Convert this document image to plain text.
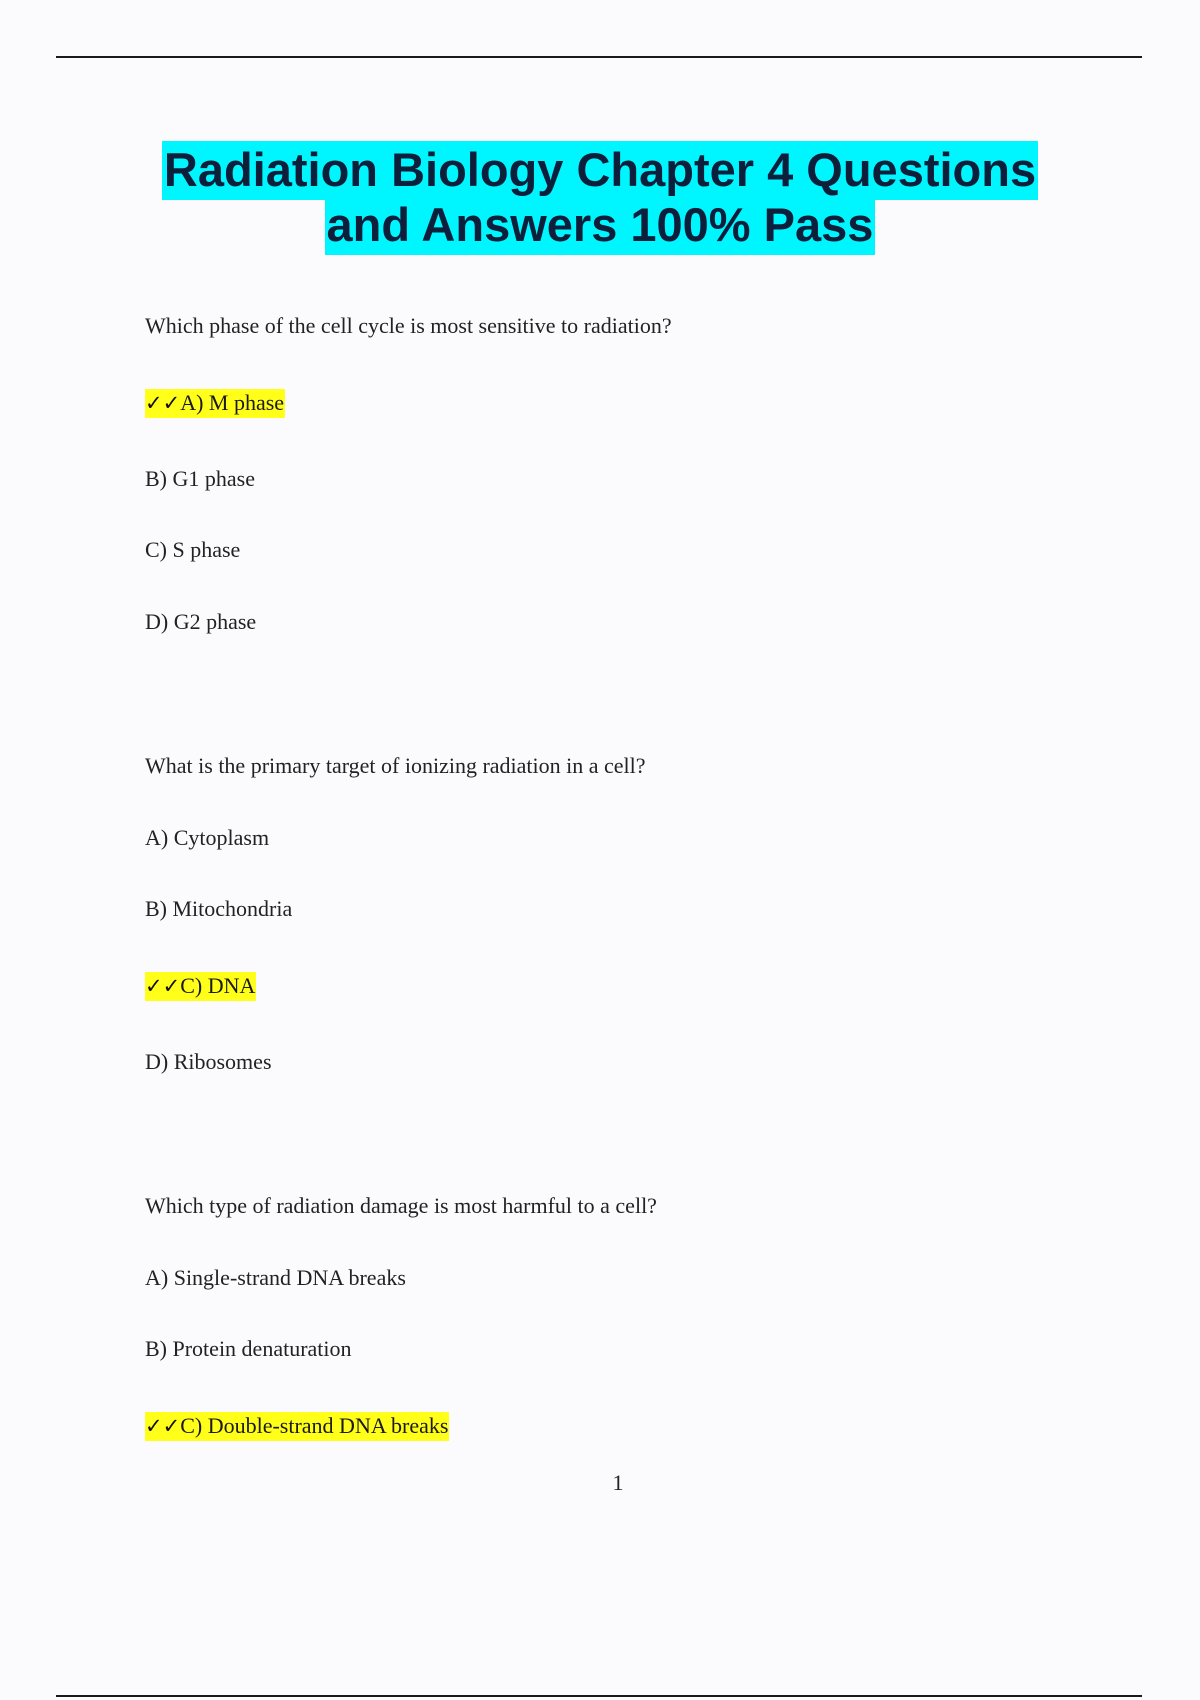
Radiation Biology Chapter 4 Questions
and Answers 100% Pass
Which phase of the cell cycle is most sensitive to radiation?
✓✓A) M phase
B) G1 phase
C) S phase
D) G2 phase
What is the primary target of ionizing radiation in a cell?
A) Cytoplasm
B) Mitochondria
✓✓C) DNA
D) Ribosomes
Which type of radiation damage is most harmful to a cell?
A) Single-strand DNA breaks
B) Protein denaturation
✓✓C) Double-strand DNA breaks
1
